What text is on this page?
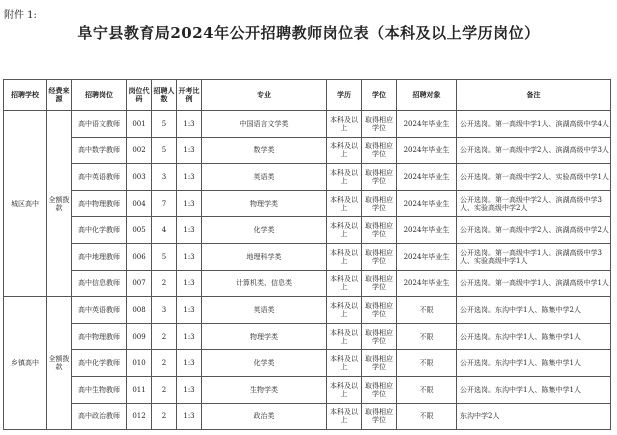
附件 1:
阜宁县教育局2024年公开招聘教师岗位表（本科及以上学历岗位）
招聘学校	经费来源	招聘岗位	岗位代码	招聘人数	开考比例	专业	学历	学位	招聘对象	备注
城区高中	全额拨款	高中语文教师	001	5	1:3	中国语言文学类	本科及以上	取得相应学位	2024年毕业生	公开选岗。第一高级中学1人、滨湖高级中学4人
		高中数学教师	002	5	1:3	数学类	本科及以上	取得相应学位	2024年毕业生	公开选岗。第一高级中学2人、滨湖高级中学3人
		高中英语教师	003	3	1:3	英语类	本科及以上	取得相应学位	2024年毕业生	公开选岗。第一高级中学2人、实验高级中学1人
		高中物理教师	004	7	1:3	物理学类	本科及以上	取得相应学位	2024年毕业生	公开选岗。第一高级中学2人、滨湖高级中学3人、实验高级中学2人
		高中化学教师	005	4	1:3	化学类	本科及以上	取得相应学位	2024年毕业生	公开选岗。第一高级中学2人、滨湖高级中学2人
		高中地理教师	006	5	1:3	地理科学类	本科及以上	取得相应学位	2024年毕业生	公开选岗。第一高级中学1人、滨湖高级中学3人、实验高级中学1人
		高中信息教师	007	2	1:3	计算机类、信息类	本科及以上	取得相应学位	2024年毕业生	公开选岗。第一高级中学1人、滨湖高级中学1人
乡镇高中	全额拨款	高中英语教师	008	3	1:3	英语类	本科及以上	取得相应学位	不限	公开选岗。东沟中学1人、陈集中学2人
		高中物理教师	009	2	1:3	物理学类	本科及以上	取得相应学位	不限	公开选岗。东沟中学1人、陈集中学1人
		高中化学教师	010	2	1:3	化学类	本科及以上	取得相应学位	不限	公开选岗。东沟中学1人、陈集中学1人
		高中生物教师	011	2	1:3	生物学类	本科及以上	取得相应学位	不限	公开选岗。东沟中学1人、陈集中学1人
		高中政治教师	012	2	1:3	政治类	本科及以上	取得相应学位	不限	东沟中学2人
